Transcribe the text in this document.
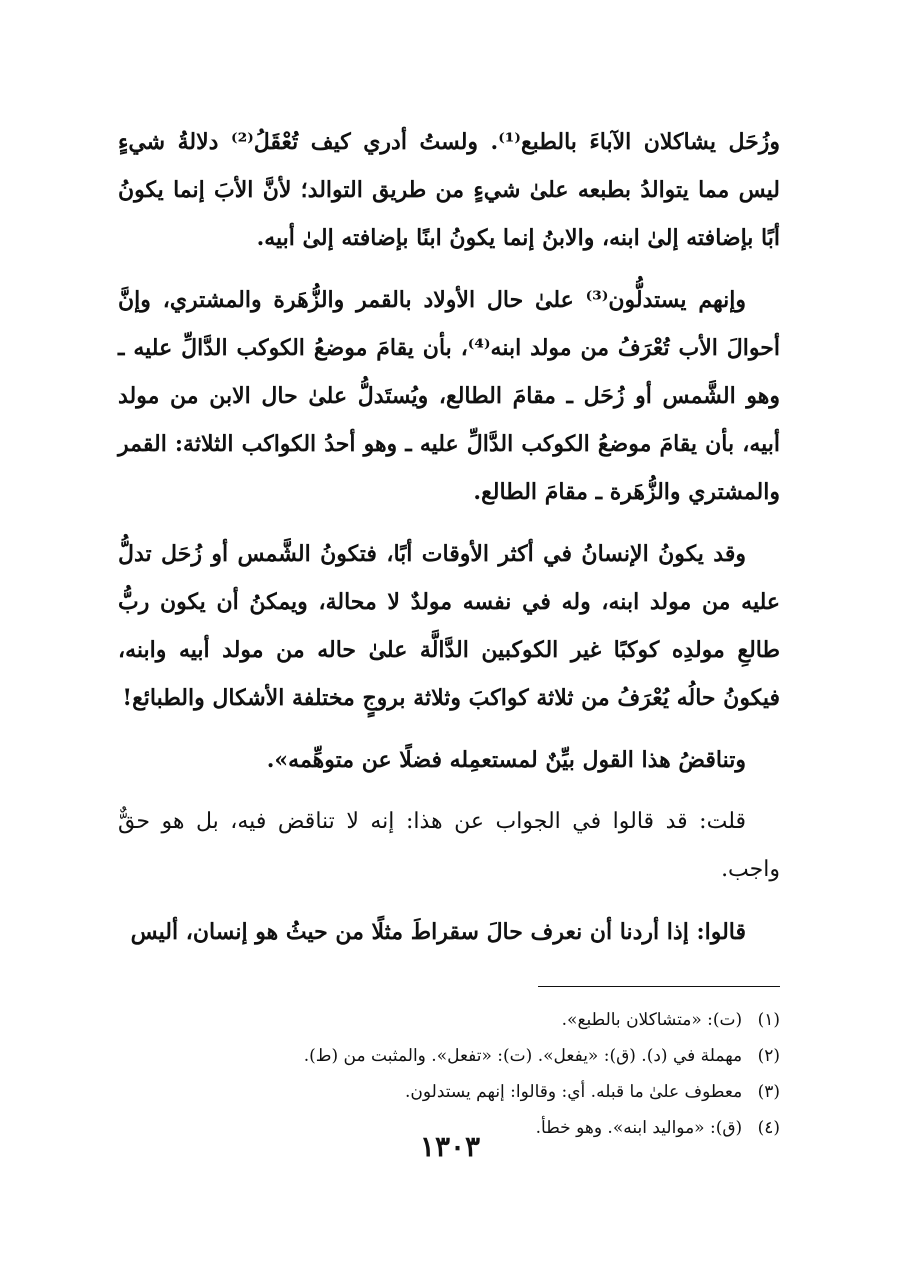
وزُحَل يشاكلان الآباءَ بالطبع⁽¹⁾. ولستُ أدري كيف تُعْقَلُ⁽²⁾ دلالةُ شيءٍ ليس مما يتوالدُ بطبعه علىٰ شيءٍ من طريق التوالد؛ لأنَّ الأبَ إنما يكونُ أبًا بإضافته إلىٰ ابنه، والابنُ إنما يكونُ ابنًا بإضافته إلىٰ أبيه.

وإنهم يستدلُّون⁽³⁾ علىٰ حال الأولاد بالقمر والزُّهَرة والمشتري، وإنَّ أحوالَ الأب تُعْرَفُ من مولد ابنه⁽⁴⁾، بأن يقامَ موضعُ الكوكب الدَّالِّ عليه ـ وهو الشَّمس أو زُحَل ـ مقامَ الطالع، ويُستَدلُّ علىٰ حال الابن من مولد أبيه، بأن يقامَ موضعُ الكوكب الدَّالِّ عليه ـ وهو أحدُ الكواكب الثلاثة: القمر والمشتري والزُّهَرة ـ مقامَ الطالع.

وقد يكونُ الإنسانُ في أكثر الأوقات أبًا، فتكونُ الشَّمس أو زُحَل تدلُّ عليه من مولد ابنه، وله في نفسه مولدٌ لا محالة، ويمكنُ أن يكون ربُّ طالعِ مولدِه كوكبًا غير الكوكبين الدَّالَّة علىٰ حاله من مولد أبيه وابنه، فيكونُ حالُه يُعْرَفُ من ثلاثة كواكبَ وثلاثة بروجٍ مختلفة الأشكال والطبائع!

وتناقضُ هذا القول بيِّنٌ لمستعمِله فضلًا عن متوهِّمه».

قلت: قد قالوا في الجواب عن هذا: إنه لا تناقض فيه، بل هو حقٌّ واجب.

قالوا: إذا أردنا أن نعرف حالَ سقراطَ مثلًا من حيثُ هو إنسان، أليس

(١) (ت): «متشاكلان بالطبع».
(٢) مهملة في (د). (ق): «يفعل». (ت): «تفعل». والمثبت من (ط).
(٣) معطوف علىٰ ما قبله. أي: وقالوا: إنهم يستدلون.
(٤) (ق): «مواليد ابنه». وهو خطأ.
١٣٠٣
